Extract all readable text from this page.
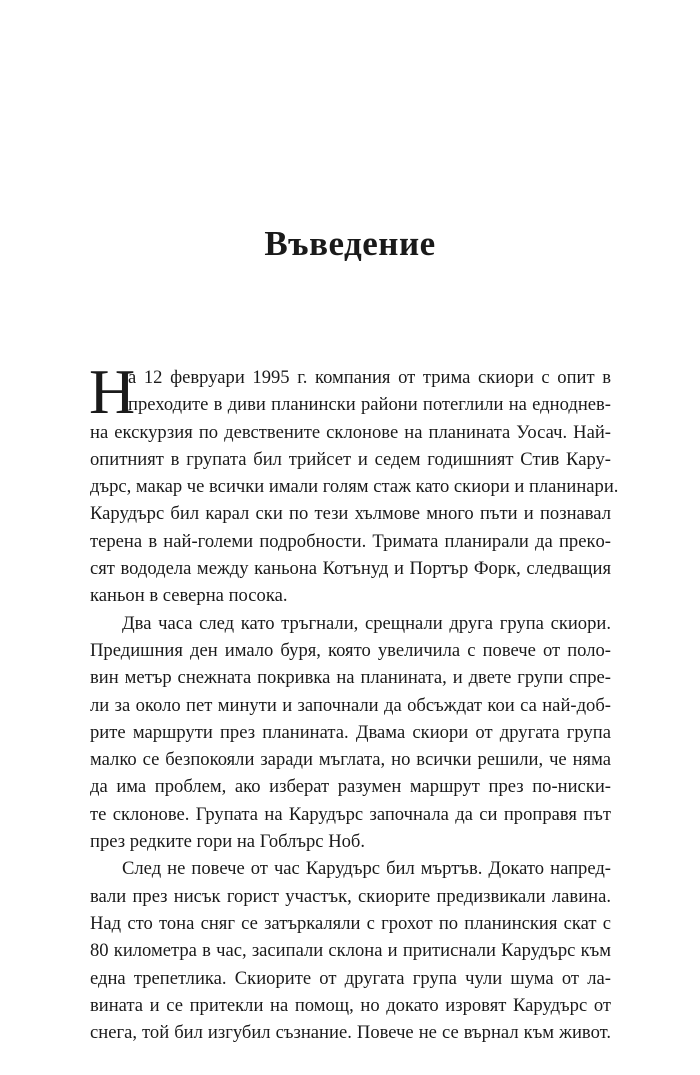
Въведение
Н
а 12 февруари 1995 г. компания от трима скиори с опит в
преходите в диви планински райони потеглили на едноднев-
на екскурзия по девствените склонове на планината Уосач. Най-
опитният в групата бил трийсет и седем годишният Стив Кару-
дърс, макар че всички имали голям стаж като скиори и планинари.
Карудърс бил карал ски по тези хълмове много пъти и познавал
терена в най-големи подробности. Тримата планирали да прекo-
сят вододела между каньона Котънуд и Портър Форк, следващия
каньон в северна посока.
Два часа след като тръгнали, срещнали друга група скиори.
Предишния ден имало буря, която увеличила с повече от поло-
вин метър снежната покривка на планината, и двете групи спре-
ли за около пет минути и започнали да обсъждат кои са най-доб-
рите маршрути през планината. Двама скиори от другата група
малко се безпокояли заради мъглата, но всички решили, че няма
да има проблем, ако изберат разумен маршрут през по-ниски-
те склонове. Групата на Карудърс започнала да си проправя път
през редките гори на Гоблърс Ноб.
След не повече от час Карудърс бил мъртъв. Докато напред-
вали през нисък горист участък, скиорите предизвикали лавина.
Над сто тона сняг се затъркаляли с грохот по планинския скат с
80 километра в час, засипали склона и притиснали Карудърс към
една трепетлика. Скиорите от другата група чули шума от ла-
вината и се притекли на помощ, но докато изровят Карудърс от
снега, той бил изгубил съзнание. Повече не се върнал към живот.
